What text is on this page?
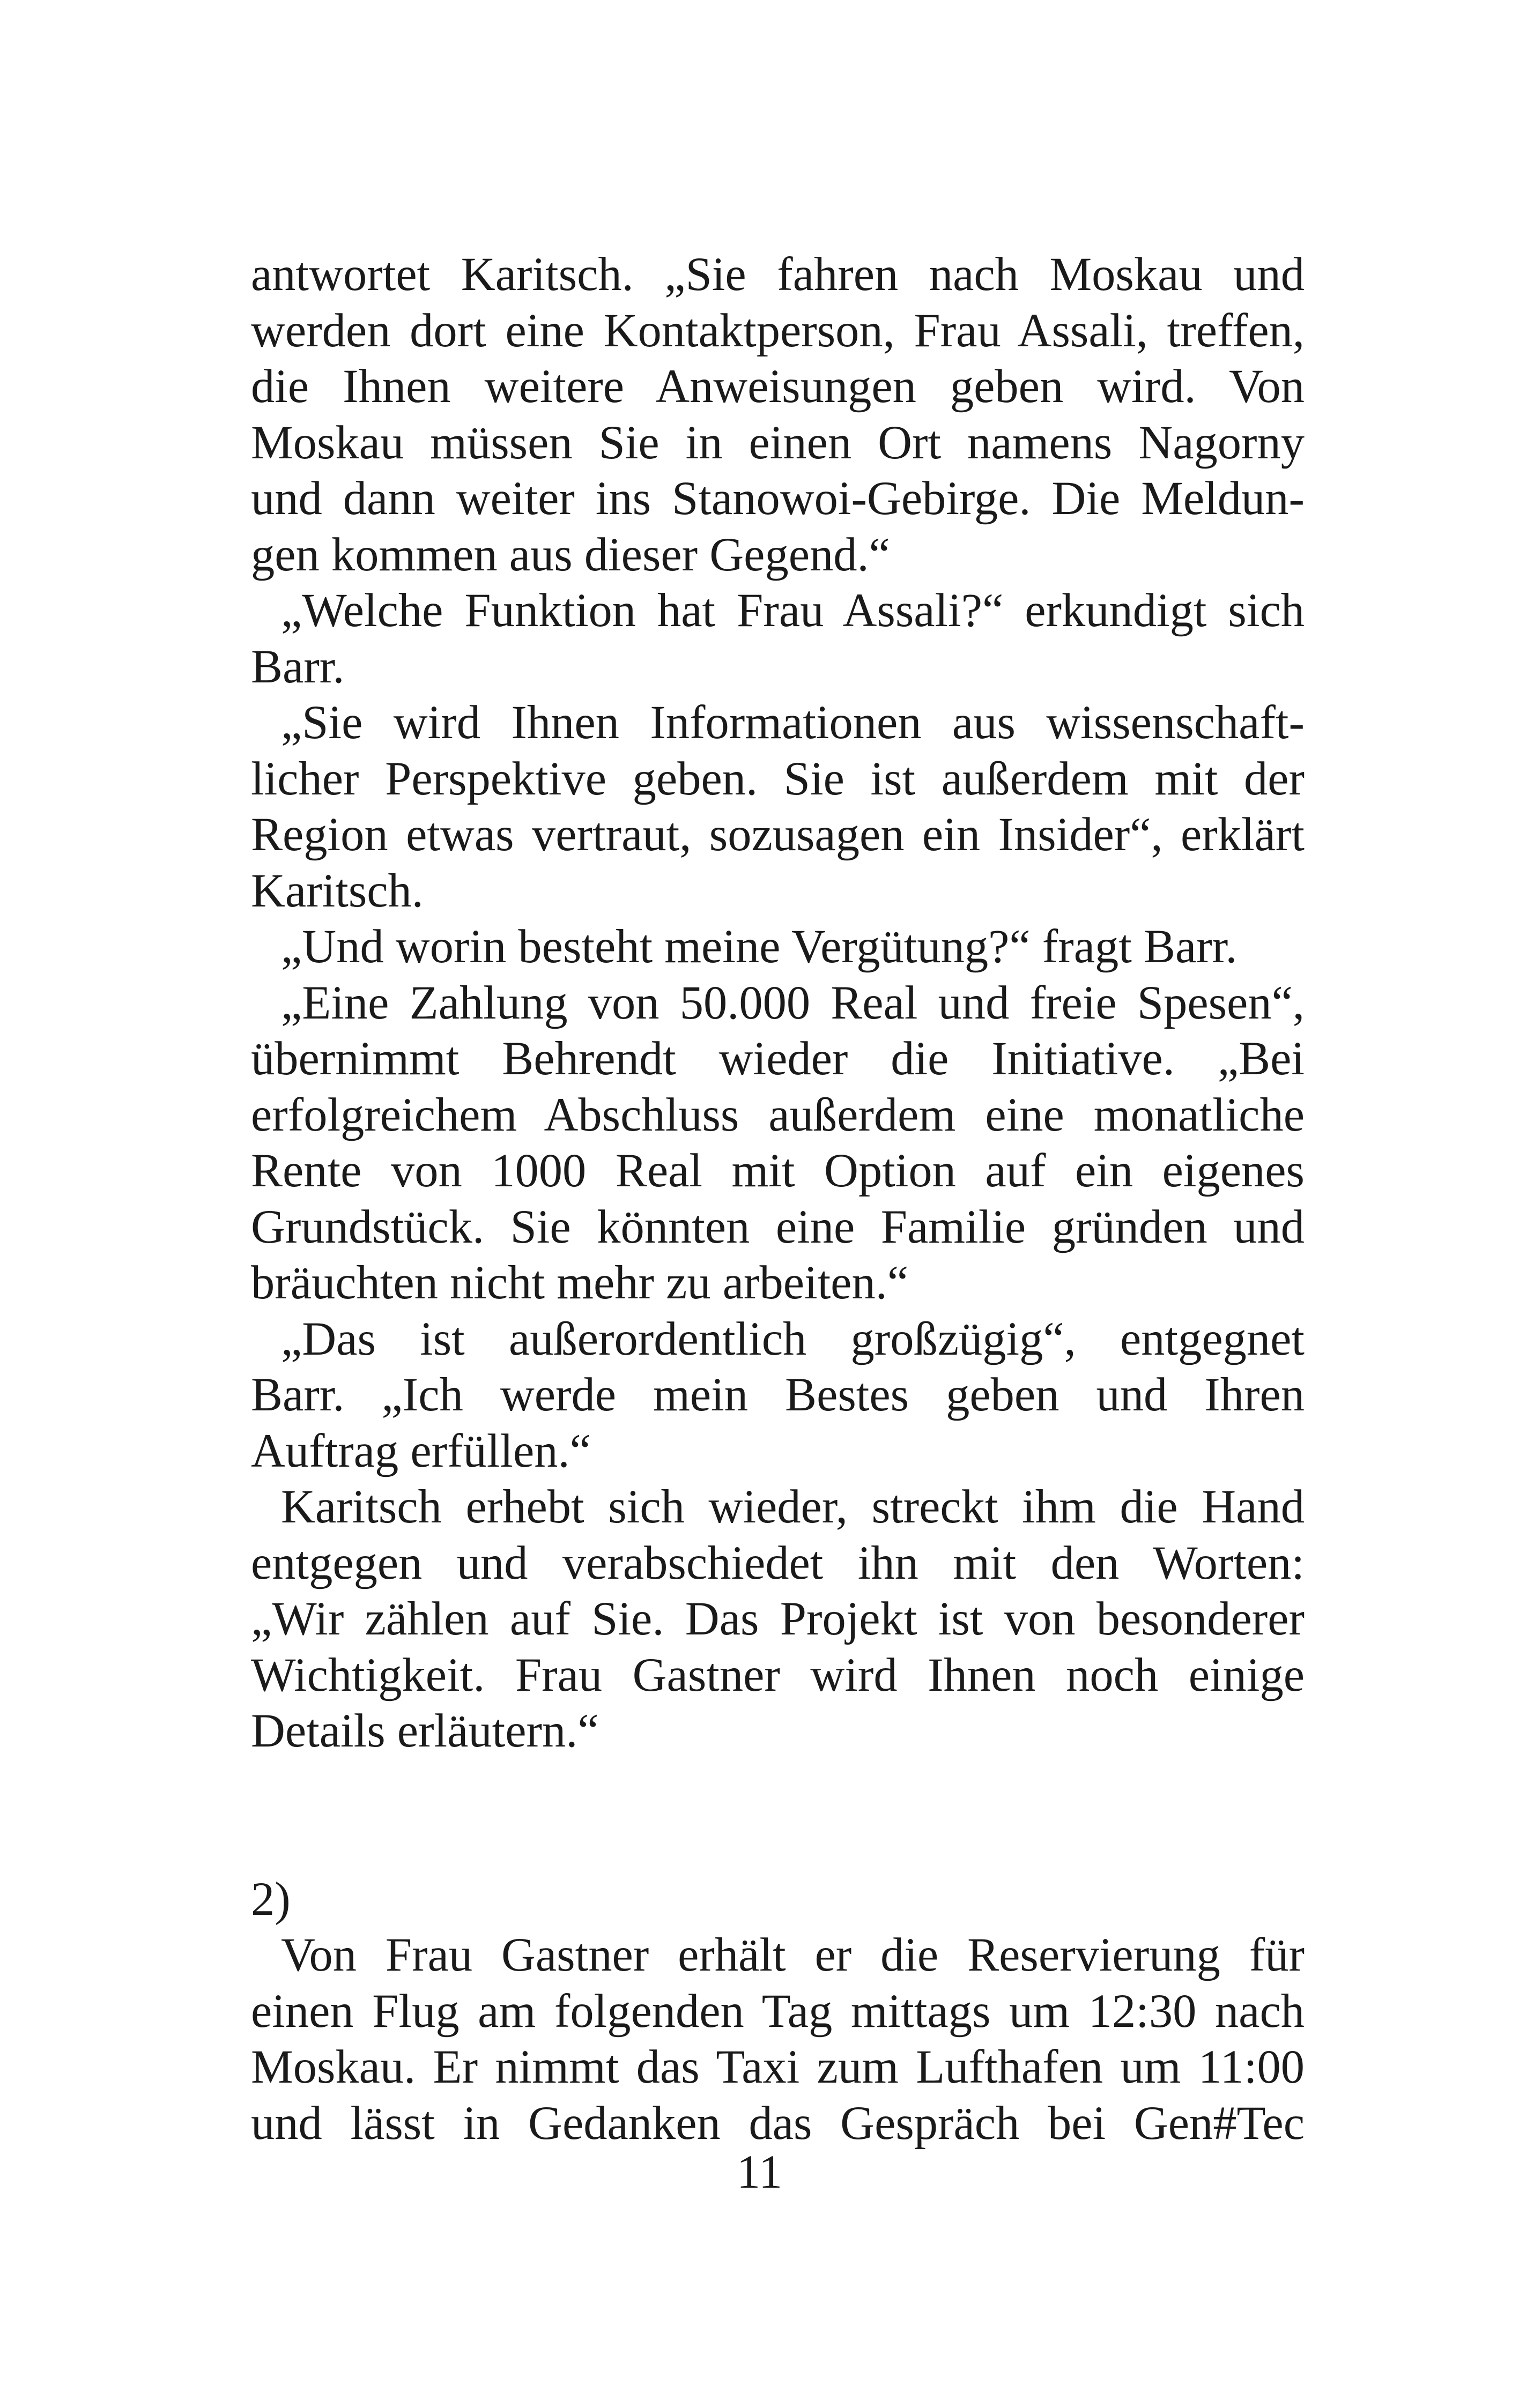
antwortet Karitsch. „Sie fahren nach Moskau und
werden dort eine Kontaktperson, Frau Assali, treffen,
die Ihnen weitere Anweisungen geben wird. Von
Moskau müssen Sie in einen Ort namens Nagorny
und dann weiter ins Stanowoi-Gebirge. Die Meldun-
gen kommen aus dieser Gegend.“
„Welche Funktion hat Frau Assali?“ erkundigt sich
Barr.
„Sie wird Ihnen Informationen aus wissenschaft-
licher Perspektive geben. Sie ist außerdem mit der
Region etwas vertraut, sozusagen ein Insider“, erklärt
Karitsch.
„Und worin besteht meine Vergütung?“ fragt Barr.
„Eine Zahlung von 50.000 Real und freie Spesen“,
übernimmt Behrendt wieder die Initiative. „Bei
erfolgreichem Abschluss außerdem eine monatliche
Rente von 1000 Real mit Option auf ein eigenes
Grundstück. Sie könnten eine Familie gründen und
bräuchten nicht mehr zu arbeiten.“
„Das ist außerordentlich großzügig“, entgegnet
Barr. „Ich werde mein Bestes geben und Ihren
Auftrag erfüllen.“
Karitsch erhebt sich wieder, streckt ihm die Hand
entgegen und verabschiedet ihn mit den Worten:
„Wir zählen auf Sie. Das Projekt ist von besonderer
Wichtigkeit. Frau Gastner wird Ihnen noch einige
Details erläutern.“
2)
Von Frau Gastner erhält er die Reservierung für
einen Flug am folgenden Tag mittags um 12:30 nach
Moskau. Er nimmt das Taxi zum Lufthafen um 11:00
und lässt in Gedanken das Gespräch bei Gen#Tec
11
